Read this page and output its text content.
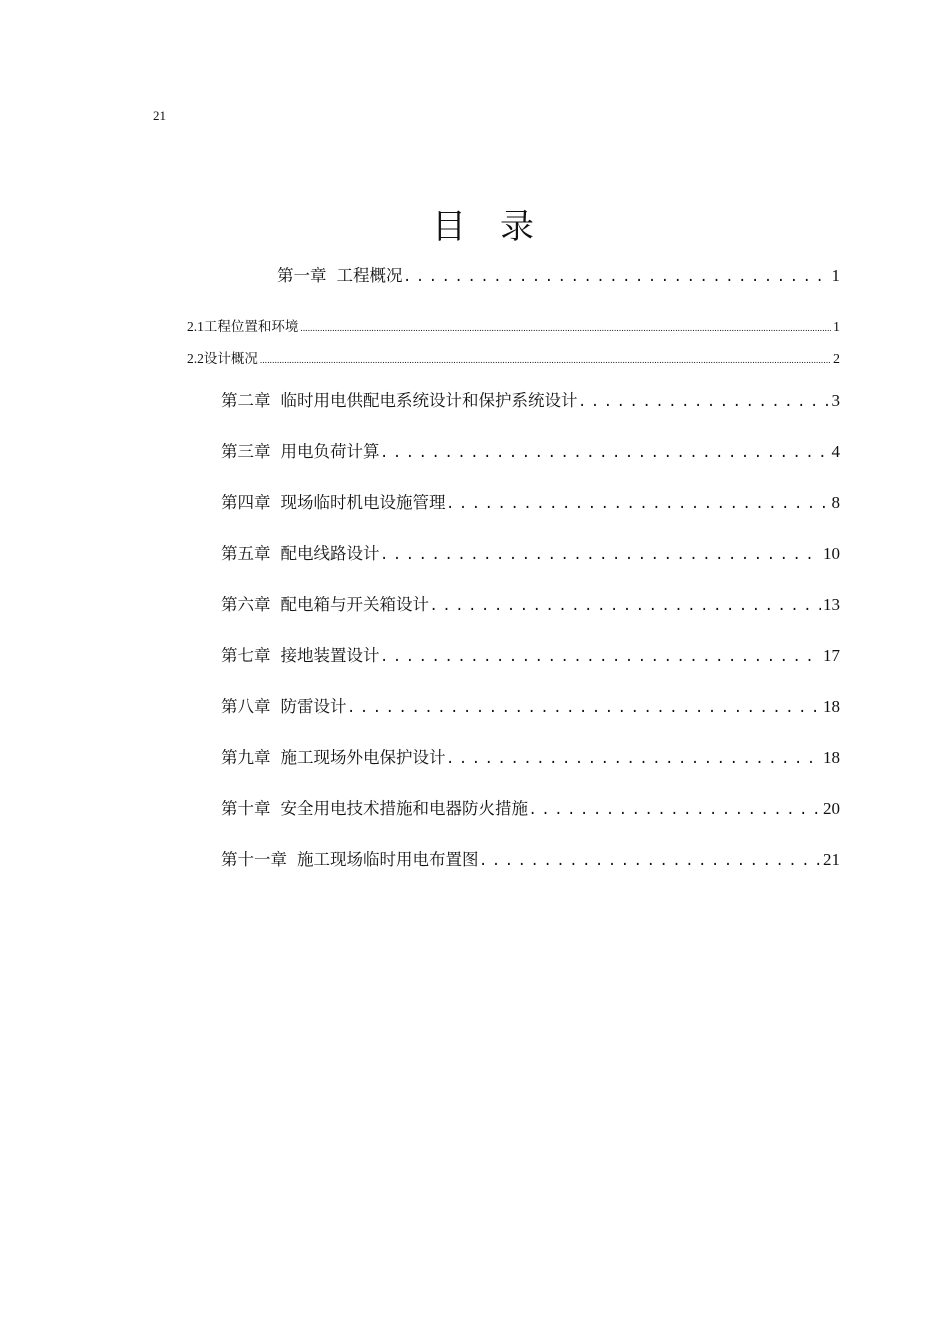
21
目录
第一章 工程概况 . . .	1
2.1工程位置和环境 .....	1
2.2设计概况 .....	2
第二章 临时用电供配电系统设计和保护系统设计 . . .	3
第三章 用电负荷计算 . . .	4
第四章 现场临时机电设施管理 . . .	8
第五章 配电线路设计 . . .	10
第六章 配电箱与开关箱设计 . . .	13
第七章 接地装置设计 . . .	17
第八章 防雷设计 . . .	18
第九章 施工现场外电保护设计 . . .	18
第十章 安全用电技术措施和电器防火措施 . . .	20
第十一章 施工现场临时用电布置图 . . .	21
